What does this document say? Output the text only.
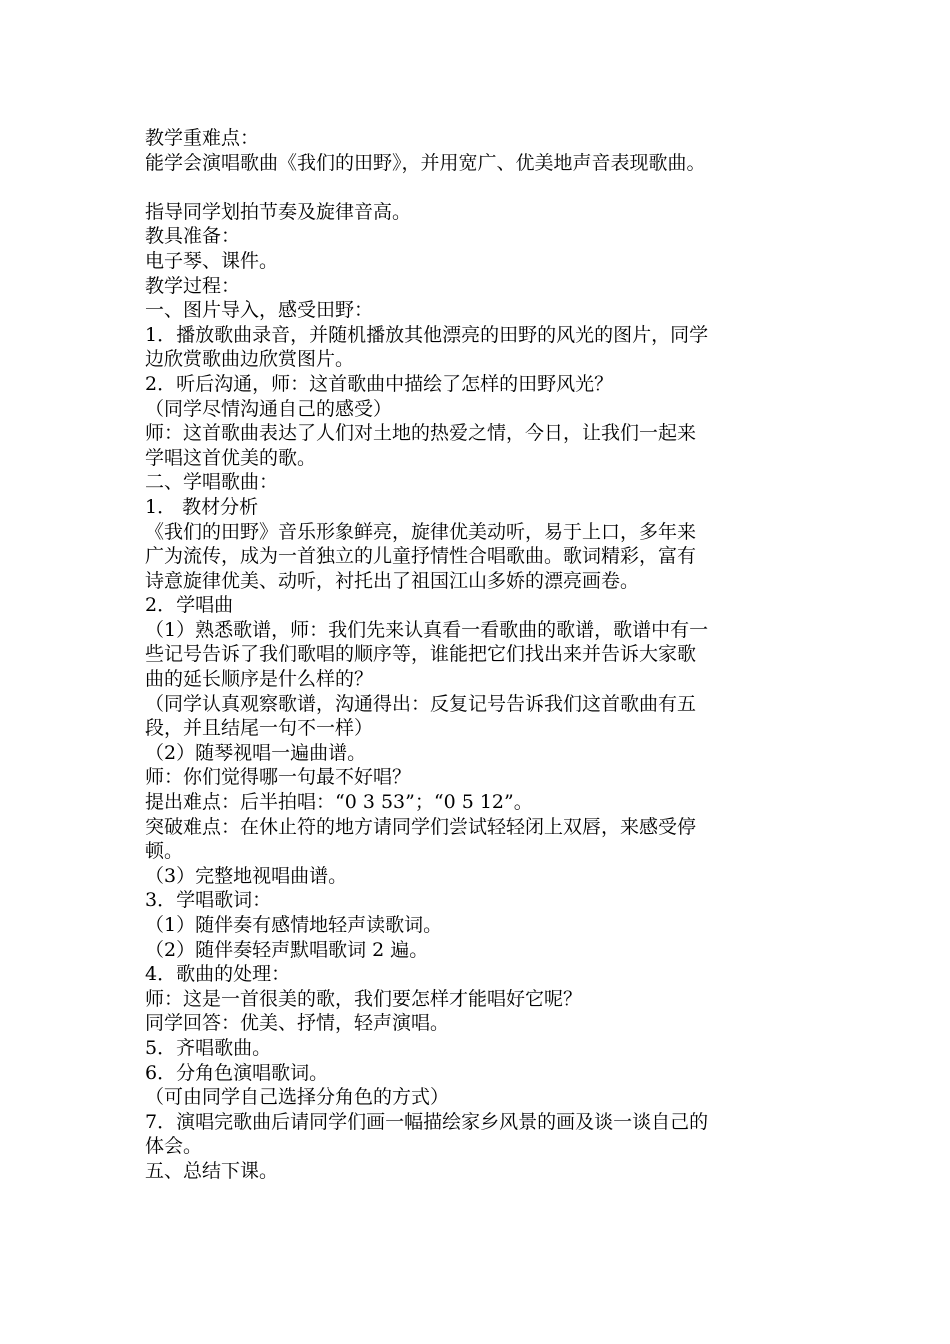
教学重难点：
能学会演唱歌曲《我们的田野》，并用宽广、优美地声音表现歌曲。
指导同学划拍节奏及旋律音高。
教具准备：
电子琴、课件。
教学过程：
一、图片导入，感受田野：
1．播放歌曲录音，并随机播放其他漂亮的田野的风光的图片，同学
边欣赏歌曲边欣赏图片。
2．听后沟通，师：这首歌曲中描绘了怎样的田野风光？
（同学尽情沟通自己的感受）
师：这首歌曲表达了人们对土地的热爱之情，今日，让我们一起来
学唱这首优美的歌。
二、学唱歌曲：
1． 教材分析
《我们的田野》音乐形象鲜亮，旋律优美动听，易于上口，多年来
广为流传，成为一首独立的儿童抒情性合唱歌曲。歌词精彩，富有
诗意旋律优美、动听，衬托出了祖国江山多娇的漂亮画卷。
2．学唱曲
（1）熟悉歌谱，师：我们先来认真看一看歌曲的歌谱，歌谱中有一
些记号告诉了我们歌唱的顺序等，谁能把它们找出来并告诉大家歌
曲的延长顺序是什么样的？
（同学认真观察歌谱，沟通得出：反复记号告诉我们这首歌曲有五
段，并且结尾一句不一样）
（2）随琴视唱一遍曲谱。
师：你们觉得哪一句最不好唱？
提出难点：后半拍唱：“0 3 53”；“0 5 12”。
突破难点：在休止符的地方请同学们尝试轻轻闭上双唇，来感受停
顿。
（3）完整地视唱曲谱。
3．学唱歌词：
（1）随伴奏有感情地轻声读歌词。
（2）随伴奏轻声默唱歌词 2 遍。
4．歌曲的处理：
师：这是一首很美的歌，我们要怎样才能唱好它呢？
同学回答：优美、抒情，轻声演唱。
5．齐唱歌曲。
6．分角色演唱歌词。
（可由同学自己选择分角色的方式）
7．演唱完歌曲后请同学们画一幅描绘家乡风景的画及谈一谈自己的
体会。
五、总结下课。
